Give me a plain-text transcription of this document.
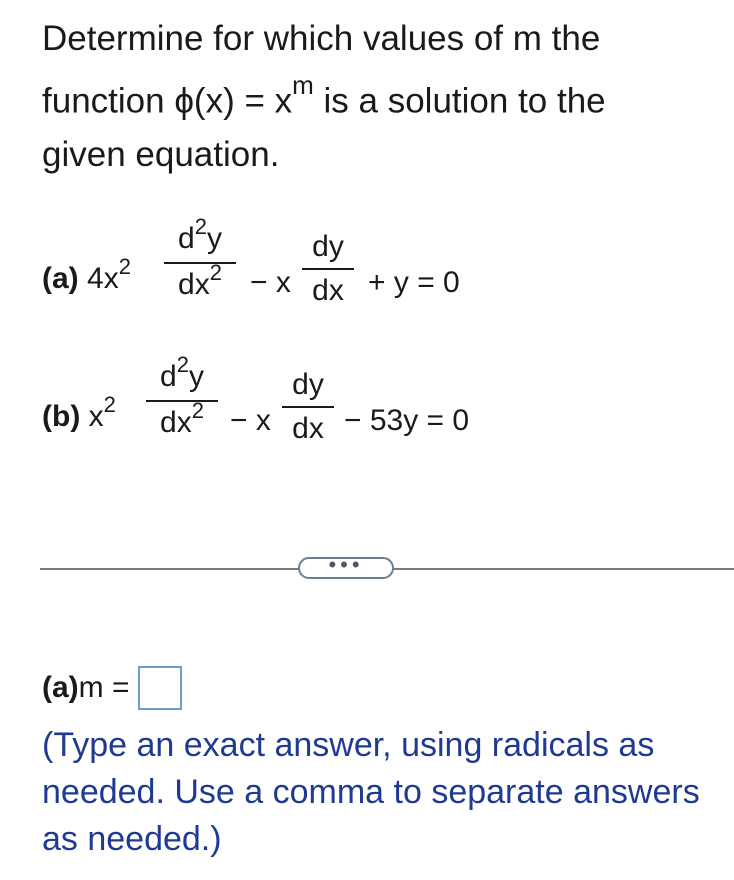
Determine for which values of m the
function $\phi(x) = x^m$ is a solution to the
given equation.
(a) $4x^2$
$d^2y$
$dx^2 - x$
dy
dx + y = 0
(b) $x^2$
$d^2y$
$dx^2 - x$
dy
dx − 53y = 0
•••
(a) m =
(Type an exact answer, using radicals as needed. Use a comma to separate answers as needed.)
